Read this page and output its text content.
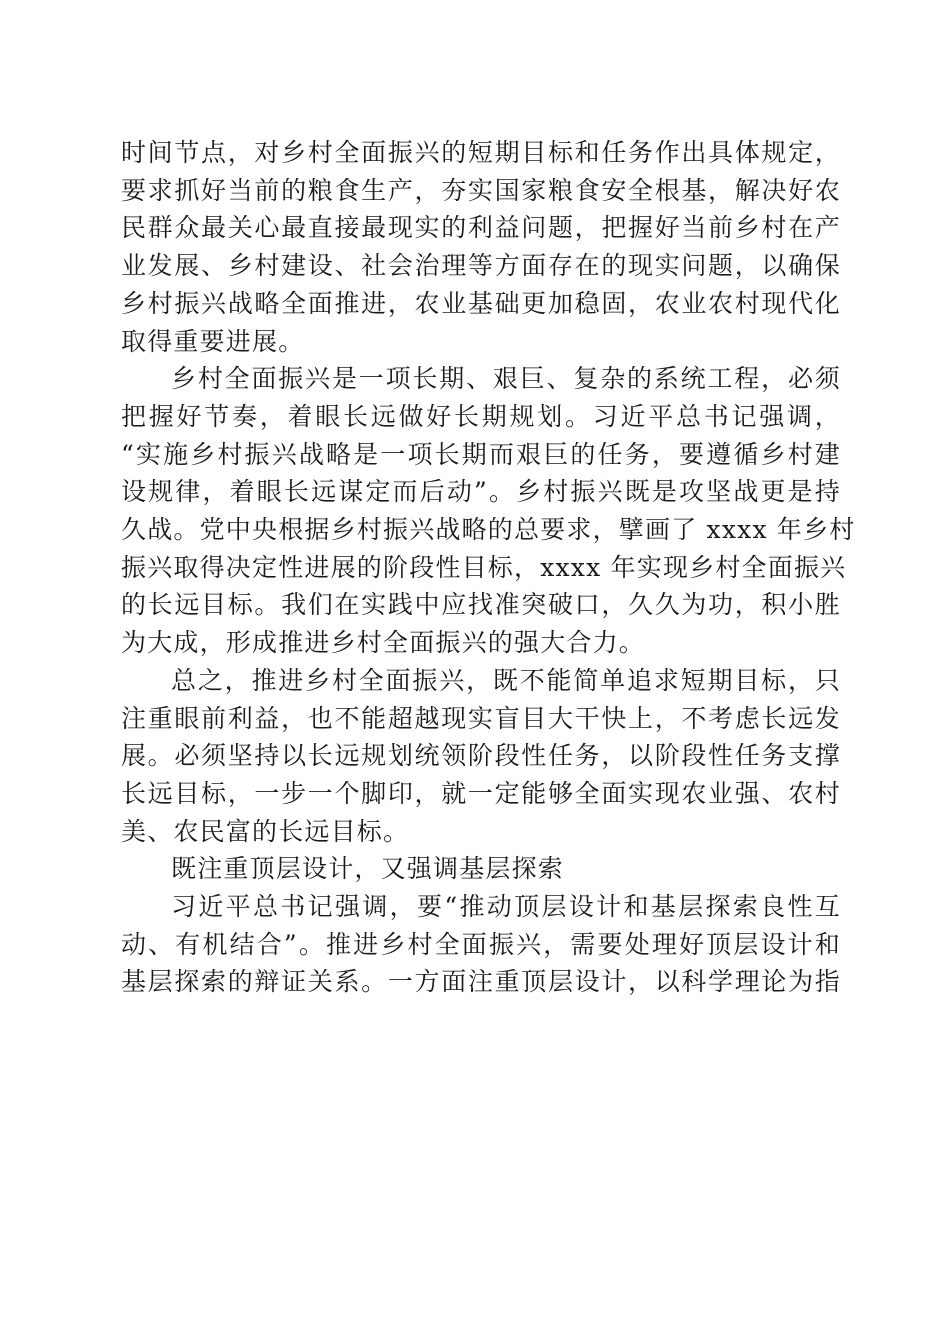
时间节点，对乡村全面振兴的短期目标和任务作出具体规定，
要求抓好当前的粮食生产，夯实国家粮食安全根基，解决好农
民群众最关心最直接最现实的利益问题，把握好当前乡村在产
业发展、乡村建设、社会治理等方面存在的现实问题，以确保
乡村振兴战略全面推进，农业基础更加稳固，农业农村现代化
取得重要进展。
乡村全面振兴是一项长期、艰巨、复杂的系统工程，必须
把握好节奏，着眼长远做好长期规划。习近平总书记强调，
“实施乡村振兴战略是一项长期而艰巨的任务，要遵循乡村建
设规律，着眼长远谋定而后动”。乡村振兴既是攻坚战更是持
久战。党中央根据乡村振兴战略的总要求，擘画了 xxxx 年乡村
振兴取得决定性进展的阶段性目标，xxxx 年实现乡村全面振兴
的长远目标。我们在实践中应找准突破口，久久为功，积小胜
为大成，形成推进乡村全面振兴的强大合力。
总之，推进乡村全面振兴，既不能简单追求短期目标，只
注重眼前利益，也不能超越现实盲目大干快上，不考虑长远发
展。必须坚持以长远规划统领阶段性任务，以阶段性任务支撑
长远目标，一步一个脚印，就一定能够全面实现农业强、农村
美、农民富的长远目标。
既注重顶层设计，又强调基层探索
习近平总书记强调，要“推动顶层设计和基层探索良性互
动、有机结合”。推进乡村全面振兴，需要处理好顶层设计和
基层探索的辩证关系。一方面注重顶层设计，以科学理论为指
